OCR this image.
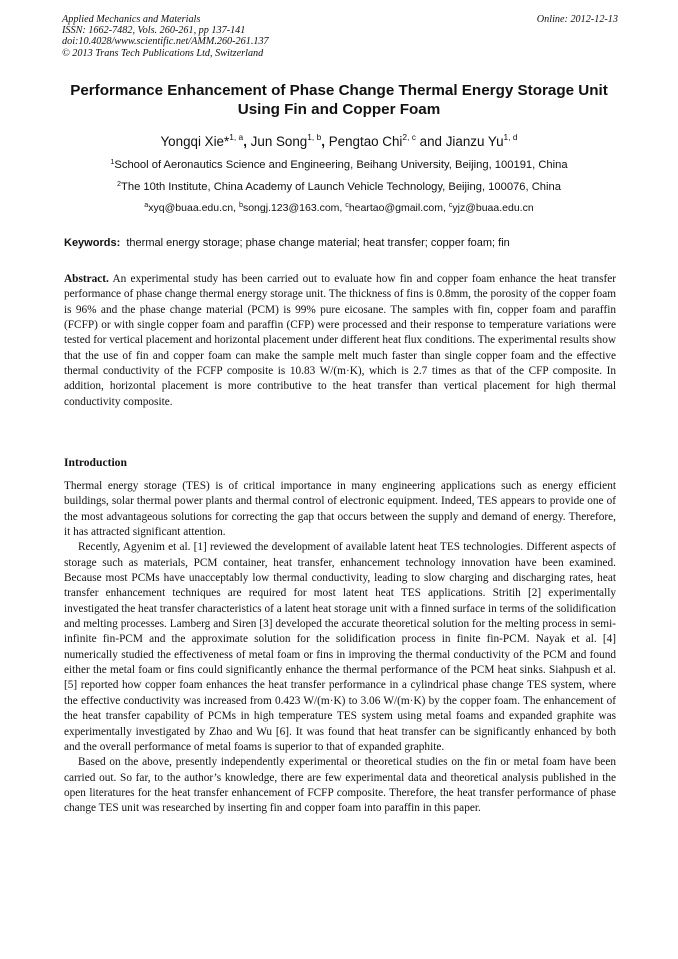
Applied Mechanics and Materials
ISSN: 1662-7482, Vols. 260-261, pp 137-141
doi:10.4028/www.scientific.net/AMM.260-261.137
© 2013 Trans Tech Publications Ltd, Switzerland
Online: 2012-12-13
Performance Enhancement of Phase Change Thermal Energy Storage Unit Using Fin and Copper Foam
Yongqi Xie*$^{1, a}$, Jun Song$^{1, b}$, Pengtao Chi$^{2, c}$ and Jianzu Yu$^{1, d}$
$^1$School of Aeronautics Science and Engineering, Beihang University, Beijing, 100191, China
$^2$The 10th Institute, China Academy of Launch Vehicle Technology, Beijing, 100076, China
$^a$xyq@buaa.edu.cn, $^b$songj.123@163.com, $^c$heartao@gmail.com, $^c$yjz@buaa.edu.cn
Keywords: thermal energy storage; phase change material; heat transfer; copper foam; fin

Abstract. An experimental study has been carried out to evaluate how fin and copper foam enhance the heat transfer performance of phase change thermal energy storage unit. The thickness of fins is 0.8mm, the porosity of the copper foam is 96% and the phase change material (PCM) is 99% pure eicosane. The samples with fin, copper foam and paraffin (FCFP) or with single copper foam and paraffin (CFP) were processed and their response to temperature variations were tested for vertical placement and horizontal placement under different heat flux conditions. The experimental results show that the use of fin and copper foam can make the sample melt much faster than single copper foam and the effective thermal conductivity of the FCFP composite is 10.83 W/(m·K), which is 2.7 times as that of the CFP composite. In addition, horizontal placement is more contributive to the heat transfer than vertical placement for high thermal conductivity composite.

Introduction

Thermal energy storage (TES) is of critical importance in many engineering applications such as energy efficient buildings, solar thermal power plants and thermal control of electronic equipment. Indeed, TES appears to provide one of the most advantageous solutions for correcting the gap that occurs between the supply and demand of energy. Therefore, it has attracted significant attention.

Recently, Agyenim et al. [1] reviewed the development of available latent heat TES technologies. Different aspects of storage such as materials, PCM container, heat transfer, enhancement technology innovation have been examined. Because most PCMs have unacceptably low thermal conductivity, leading to slow charging and discharging rates, heat transfer enhancement techniques are required for most latent heat TES applications. Stritih [2] experimentally investigated the heat transfer characteristics of a latent heat storage unit with a finned surface in terms of the solidification and melting processes. Lamberg and Siren [3] developed the accurate theoretical solution for the melting process in semi-infinite fin-PCM and the approximate solution for the solidification process in finite fin-PCM. Nayak et al. [4] numerically studied the effectiveness of metal foam or fins in improving the thermal conductivity of the PCM and found either the metal foam or fins could significantly enhance the thermal performance of the PCM heat sinks. Siahpush et al. [5] reported how copper foam enhances the heat transfer performance in a cylindrical phase change TES system, where the effective conductivity was increased from 0.423 W/(m·K) to 3.06 W/(m·K) by the copper foam. The enhancement of the heat transfer capability of PCMs in high temperature TES system using metal foams and expanded graphite was experimentally investigated by Zhao and Wu [6]. It was found that heat transfer can be significantly enhanced by both and the overall performance of metal foams is superior to that of expanded graphite.

Based on the above, presently independently experimental or theoretical studies on the fin or metal foam have been carried out. So far, to the author’s knowledge, there are few experimental data and theoretical analysis published in the open literatures for the heat transfer enhancement of FCFP composite. Therefore, the heat transfer performance of phase change TES unit was researched by inserting fin and copper foam into paraffin in this paper.
